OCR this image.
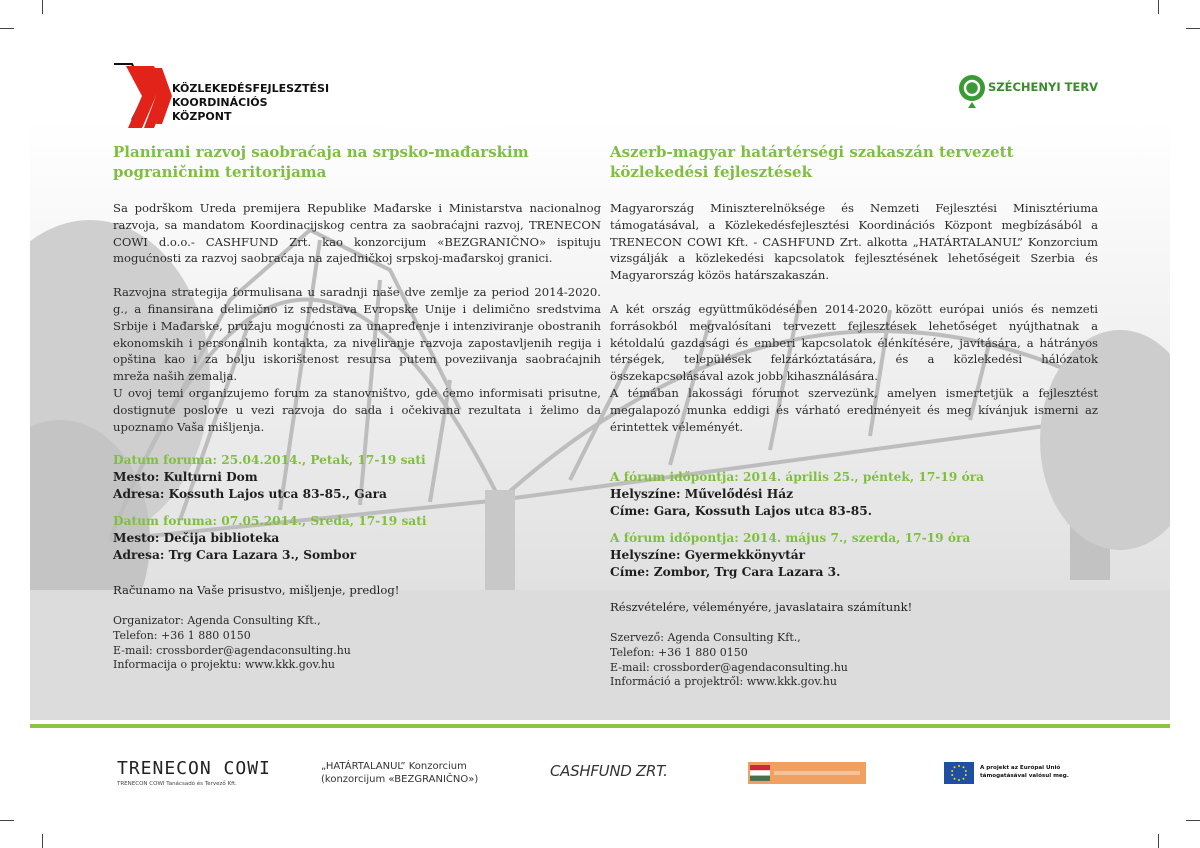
KÖZLEKEDÉSFEJLESZTÉSI
KOORDINÁCIÓS
KÖZPONT
SZÉCHENYI TERV
Planirani razvoj saobraćaja na srpsko-mađarskim pograničnim teritorijama
Sa podrškom Ureda premijera Republike Mađarske i Ministarstva nacionalnog razvoja, sa mandatom Koordinacijskog centra za saobraćajni razvoj, TRENECON COWI d.o.o.- CASHFUND Zrt. kao konzorcijum «BEZGRANIČNO» ispituju mogućnosti za razvoj saobraćaja na zajedničkoj srpskoj-mađarskoj granici.
Razvojna strategija formulisana u saradnji naše dve zemlje za period 2014-2020. g., a finansirana delimično iz sredstava Evropske Unije i delimično sredstvima Srbije i Mađarske, pružaju mogućnosti za unapređenje i intenziviranje obostranih ekonomskih i personalnih kontakta, za niveliranje razvoja zapostavljenih regija i opština kao i za bolju iskorištenost resursa putem poveziivanja saobraćajnih mreža naših zemalja.
U ovoj temi organizujemo forum za stanovništvo, gde ćemo informisati prisutne, dostignute poslove u vezi razvoja do sada i očekivana rezultata i želimo da upoznamo Vaša mišljenja.
Datum foruma: 25.04.2014., Petak, 17-19 sati
Mesto: Kulturni Dom
Adresa: Kossuth Lajos utca 83-85., Gara
Datum foruma: 07.05.2014., Sreda, 17-19 sati
Mesto: Dečija biblioteka
Adresa: Trg Cara Lazara 3., Sombor
Računamo na Vaše prisustvo, mišljenje, predlog!
Organizator: Agenda Consulting Kft.,
Telefon: +36 1 880 0150
E-mail: crossborder@agendaconsulting.hu
Informacija o projektu: www.kkk.gov.hu
Aszerb-magyar határtérségi szakaszán tervezett közlekedési fejlesztések
Magyarország Miniszterelnöksége és Nemzeti Fejlesztési Minisztériuma támogatásával, a Közlekedésfejlesztési Koordinációs Központ megbízásából a TRENECON COWI Kft. - CASHFUND Zrt. alkotta „HATÁRTALANUL” Konzorcium vizsgálják a közlekedési kapcsolatok fejlesztésének lehetőségeit Szerbia és Magyarország közös határszakaszán.
A két ország együttműködésében 2014-2020 között európai uniós és nemzeti forrásokból megvalósítani tervezett fejlesztések lehetőséget nyújthatnak a kétoldalú gazdasági és emberi kapcsolatok élénkítésére, javítására, a hátrányos térségek, települések felzárkóztatására, és a közlekedési hálózatok összekapcsolásával azok jobb kihasználására.
A témában lakossági fórumot szervezünk, amelyen ismertetjük a fejlesztést megalapozó munka eddigi és várható eredményeit és meg kívánjuk ismerni az érintettek véleményét.
A fórum időpontja: 2014. április 25., péntek, 17-19 óra
Helyszíne: Művelődési Ház
Címe: Gara, Kossuth Lajos utca 83-85.
A fórum időpontja: 2014. május 7., szerda, 17-19 óra
Helyszíne: Gyermekkönyvtár
Címe: Zombor, Trg Cara Lazara 3.
Részvételére, véleményére, javaslataira számítunk!
Szervező: Agenda Consulting Kft.,
Telefon: +36 1 880 0150
E-mail: crossborder@agendaconsulting.hu
Információ a projektről: www.kkk.gov.hu
TRENECON COWI
TRENECON COWI Tanácsadó és Tervező Kft.
„HATÁRTALANUL” Konzorcium
(konzorcijum «BEZGRANIČNO»)	CASHFUND ZRT.	A projekt az Európai Unió
támogatásával valósul meg.
